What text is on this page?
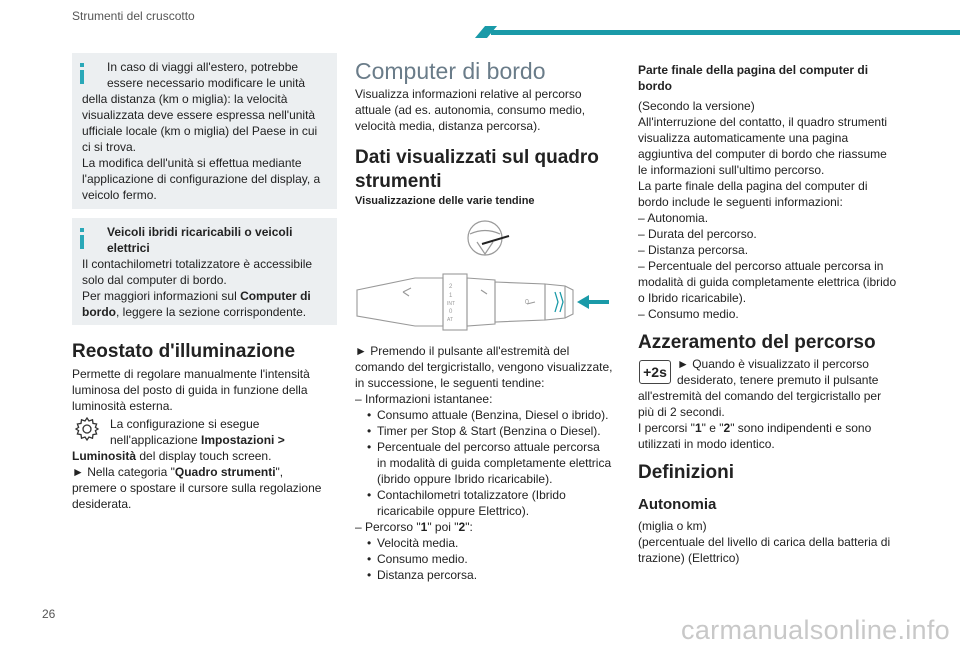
Strumenti del cruscotto
In caso di viaggi all'estero, potrebbe
essere necessario modificare le unità
della distanza (km o miglia): la velocità
visualizzata deve essere espressa nell'unità
ufficiale locale (km o miglia) del Paese in cui
ci si trova.
La modifica dell'unità si effettua mediante
l'applicazione di configurazione del display, a
veicolo fermo.
Veicoli ibridi ricaricabili o veicoli
elettrici
Il contachilometri totalizzatore è accessibile
solo dal computer di bordo.
Per maggiori informazioni sul Computer di
bordo, leggere la sezione corrispondente.
Reostato d'illuminazione
Permette di regolare manualmente l'intensità
luminosa del posto di guida in funzione della
luminosità esterna.
La configurazione si esegue
nell'applicazione Impostazioni >
Luminosità del display touch screen.
► Nella categoria "Quadro strumenti",
premere o spostare il cursore sulla regolazione
desiderata.
Computer di bordo
Visualizza informazioni relative al percorso
attuale (ad es. autonomia, consumo medio,
velocità media, distanza percorsa).
Dati visualizzati sul quadro
strumenti
Visualizzazione delle varie tendine
2
1
INT
0
AT
0
► Premendo il pulsante all'estremità del
comando del tergicristallo, vengono visualizzate,
in successione, le seguenti tendine:
– Informazioni istantanee:
• Consumo attuale (Benzina, Diesel o ibrido).
• Timer per Stop & Start (Benzina o Diesel).
• Percentuale del percorso attuale percorsa
in modalità di guida completamente elettrica
(ibrido oppure Ibrido ricaricabile).
• Contachilometri totalizzatore (Ibrido
ricaricabile oppure Elettrico).
– Percorso "1" poi "2":
• Velocità media.
• Consumo medio.
• Distanza percorsa.
Parte finale della pagina del computer di
bordo
(Secondo la versione)
All'interruzione del contatto, il quadro strumenti
visualizza automaticamente una pagina
aggiuntiva del computer di bordo che riassume
le informazioni sull'ultimo percorso.
La parte finale della pagina del computer di
bordo include le seguenti informazioni:
– Autonomia.
– Durata del percorso.
– Distanza percorsa.
– Percentuale del percorso attuale percorsa in
modalità di guida completamente elettrica (ibrido
o Ibrido ricaricabile).
– Consumo medio.
Azzeramento del percorso
+2s ► Quando è visualizzato il percorso
desiderato, tenere premuto il pulsante
all'estremità del comando del tergicristallo per
più di 2 secondi.
I percorsi "1" e "2" sono indipendenti e sono
utilizzati in modo identico.
Definizioni
Autonomia
(miglia o km)
(percentuale del livello di carica della batteria di
trazione) (Elettrico)
26
carmanualsonline.info
